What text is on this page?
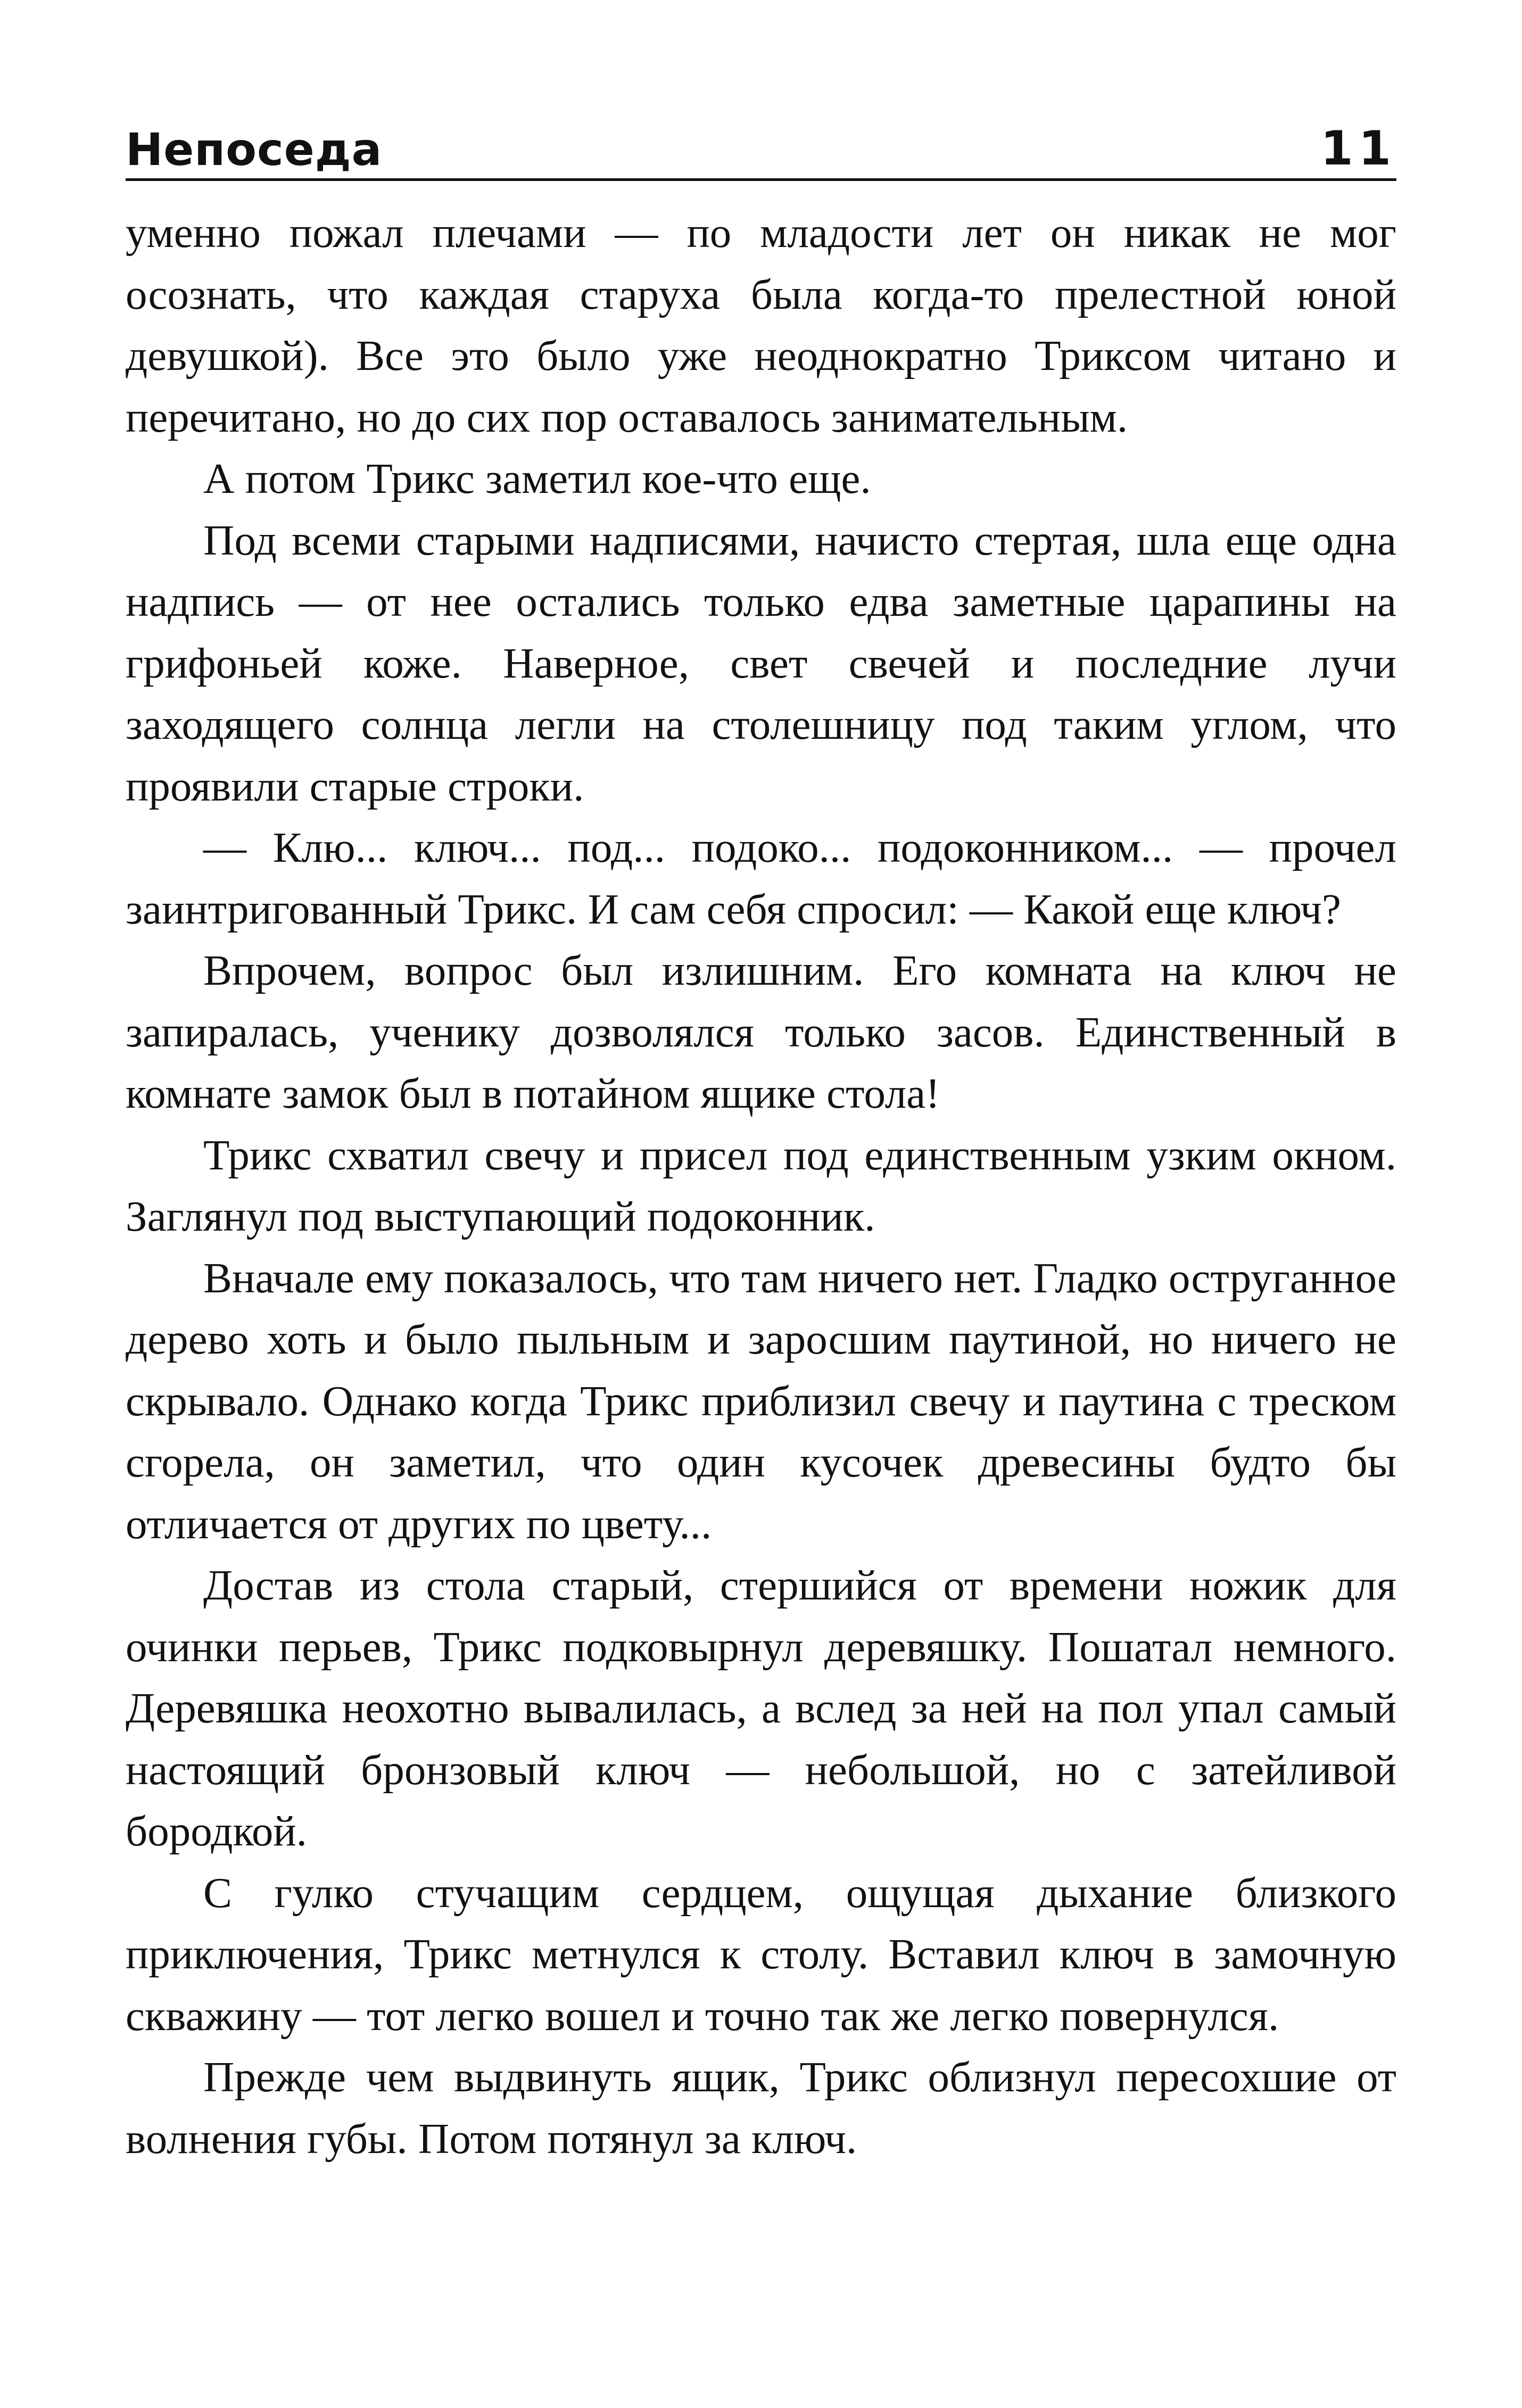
Непоседа	11

уменно пожал плечами — по младости лет он никак не мог осознать, что каждая старуха была когда-то прелестной юной девушкой). Все это было уже неоднократно Триксом читано и перечитано, но до сих пор оставалось занимательным.

А потом Трикс заметил кое-что еще.

Под всеми старыми надписями, начисто стертая, шла еще одна надпись — от нее остались только едва заметные царапины на грифоньей коже. Наверное, свет свечей и последние лучи заходящего солнца легли на столешницу под таким углом, что проявили старые строки.

— Клю... ключ... под... подоко... подоконником... — прочел заинтригованный Трикс. И сам себя спросил: — Какой еще ключ?

Впрочем, вопрос был излишним. Его комната на ключ не запиралась, ученику дозволялся только засов. Единственный в комнате замок был в потайном ящике стола!

Трикс схватил свечу и присел под единственным узким окном. Заглянул под выступающий подоконник.

Вначале ему показалось, что там ничего нет. Гладко оструганное дерево хоть и было пыльным и заросшим паутиной, но ничего не скрывало. Однако когда Трикс приблизил свечу и паутина с треском сгорела, он заметил, что один кусочек древесины будто бы отличается от других по цвету...

Достав из стола старый, стершийся от времени ножик для очинки перьев, Трикс подковырнул деревяшку. Пошатал немного. Деревяшка неохотно вывалилась, а вслед за ней на пол упал самый настоящий бронзовый ключ — небольшой, но с затейливой бородкой.

С гулко стучащим сердцем, ощущая дыхание близкого приключения, Трикс метнулся к столу. Вставил ключ в замочную скважину — тот легко вошел и точно так же легко повернулся.

Прежде чем выдвинуть ящик, Трикс облизнул пересохшие от волнения губы. Потом потянул за ключ.
